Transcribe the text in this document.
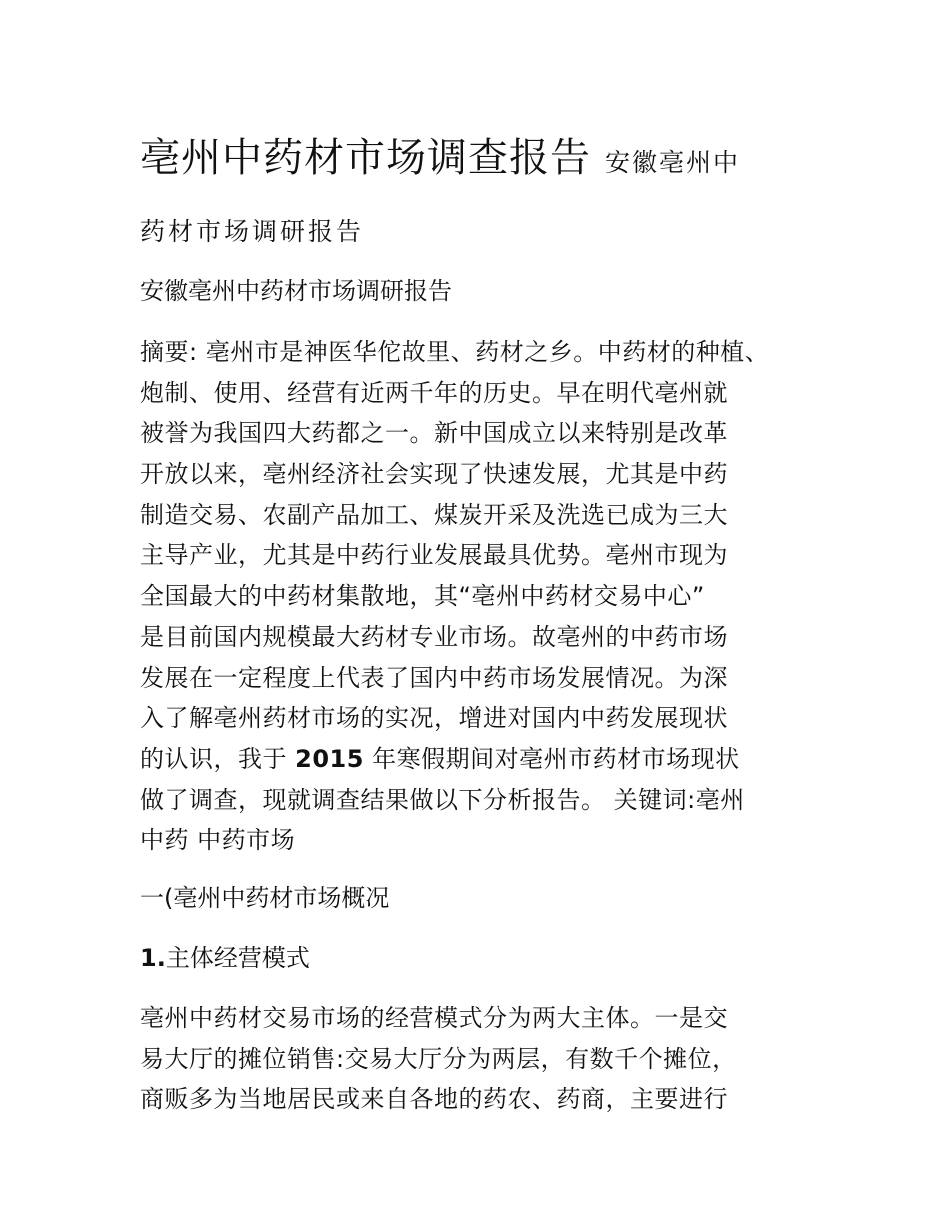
亳州中药材市场调查报告 安徽亳州中
药材市场调研报告
安徽亳州中药材市场调研报告
摘要: 亳州市是神医华佗故里、药材之乡。中药材的种植、
炮制、使用、经营有近两千年的历史。早在明代亳州就
被誉为我国四大药都之一。新中国成立以来特别是改革
开放以来，亳州经济社会实现了快速发展，尤其是中药
制造交易、农副产品加工、煤炭开采及洗选已成为三大
主导产业，尤其是中药行业发展最具优势。亳州市现为
全国最大的中药材集散地，其“亳州中药材交易中心”
是目前国内规模最大药材专业市场。故亳州的中药市场
发展在一定程度上代表了国内中药市场发展情况。为深
入了解亳州药材市场的实况，增进对国内中药发展现状
的认识，我于 2015 年寒假期间对亳州市药材市场现状
做了调查，现就调查结果做以下分析报告。 关键词:亳州
中药 中药市场
一(亳州中药材市场概况
1.主体经营模式
亳州中药材交易市场的经营模式分为两大主体。一是交
易大厅的摊位销售:交易大厅分为两层，有数千个摊位，
商贩多为当地居民或来自各地的药农、药商，主要进行
